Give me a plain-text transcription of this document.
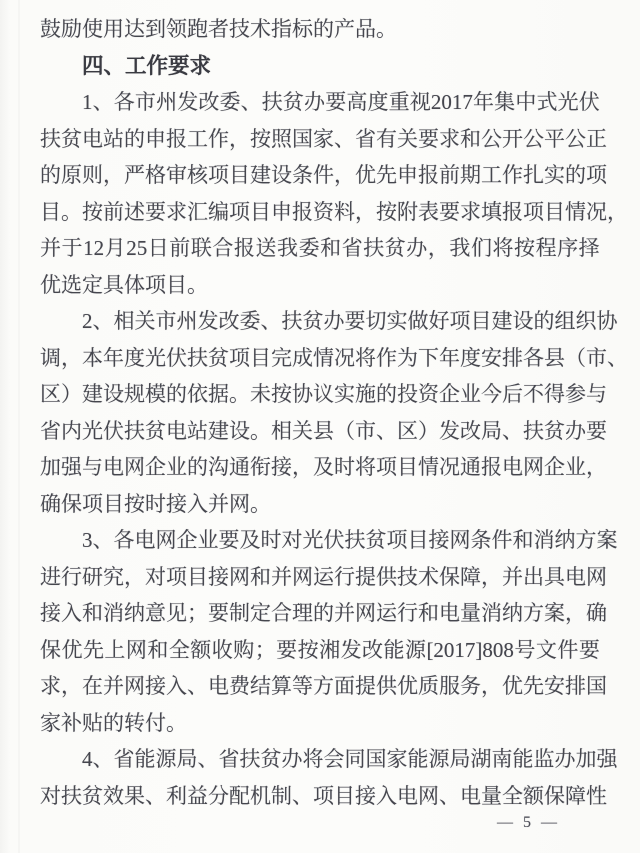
鼓励使用达到领跑者技术指标的产品。
四、工作要求
1 、 各 市 州 发 改 委 、 扶 贫 办 要 高 度 重 视 2017 年 集 中 式 光 伏
扶 贫 电 站 的 申 报 工 作 ， 按 照 国 家 、 省 有 关 要 求 和 公 开 公 平 公 正
的 原 则 ， 严 格 审 核 项 目 建 设 条 件 ， 优 先 申 报 前 期 工 作 扎 实 的 项
目 。 按 前 述 要 求 汇 编 项 目 申 报 资 料 ， 按 附 表 要 求 填 报 项 目 情 况 ，
并 于 12 月 25 日 前 联 合 报 送 我 委 和 省 扶 贫 办 ， 我 们 将 按 程 序 择
优选定具体项目。
2 、 相 关 市 州 发 改 委 、 扶 贫 办 要 切 实 做 好 项 目 建 设 的 组 织 协
调 ， 本 年 度 光 伏 扶 贫 项 目 完 成 情 况 将 作 为 下 年 度 安 排 各 县 （ 市 、
区 ） 建 设 规 模 的 依 据 。 未 按 协 议 实 施 的 投 资 企 业 今 后 不 得 参 与
省 内 光 伏 扶 贫 电 站 建 设 。 相 关 县 （ 市 、 区 ） 发 改 局 、 扶 贫 办 要
加 强 与 电 网 企 业 的 沟 通 衔 接 ， 及 时 将 项 目 情 况 通 报 电 网 企 业 ，
确保项目按时接入并网。
3 、 各 电 网 企 业 要 及 时 对 光 伏 扶 贫 项 目 接 网 条 件 和 消 纳 方 案
进 行 研 究 ， 对 项 目 接 网 和 并 网 运 行 提 供 技 术 保 障 ， 并 出 具 电 网
接 入 和 消 纳 意 见 ； 要 制 定 合 理 的 并 网 运 行 和 电 量 消 纳 方 案 ， 确
保 优 先 上 网 和 全 额 收 购 ； 要 按 湘 发 改 能 源 [2017]808 号 文 件 要
求 ， 在 并 网 接 入 、 电 费 结 算 等 方 面 提 供 优 质 服 务 ， 优 先 安 排 国
家补贴的转付。
4 、 省 能 源 局 、 省 扶 贫 办 将 会 同 国 家 能 源 局 湖 南 能 监 办 加 强
对 扶 贫 效 果 、 利 益 分 配 机 制 、 项 目 接 入 电 网 、 电 量 全 额 保 障 性
— 5 —
